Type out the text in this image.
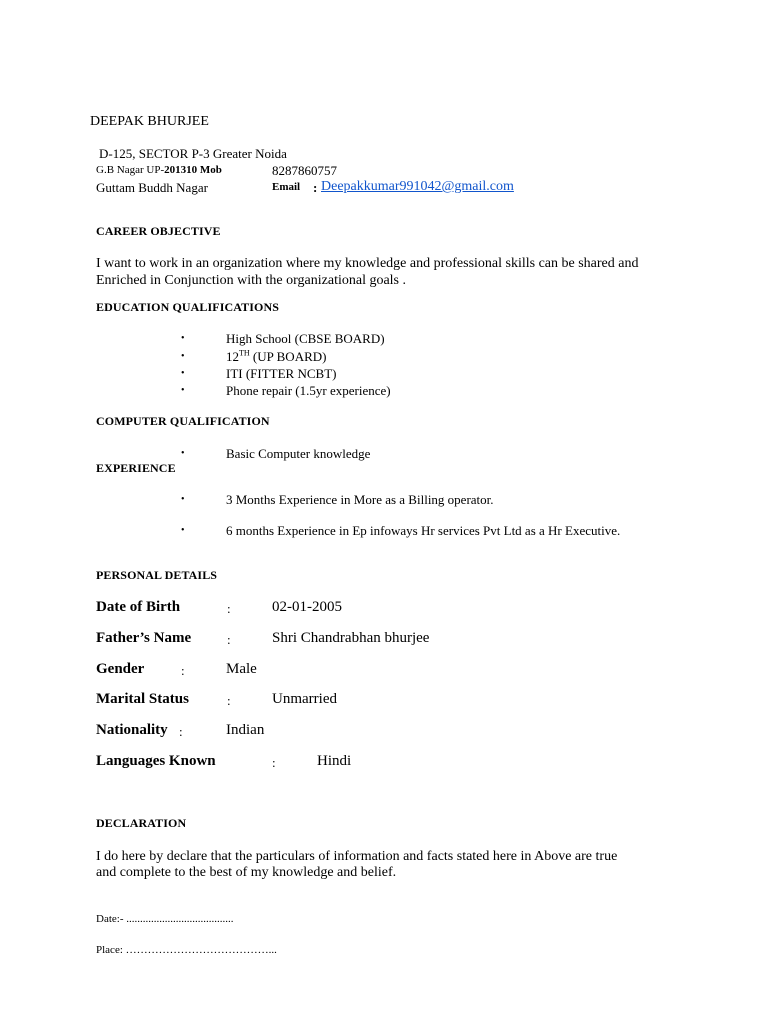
DEEPAK BHURJEE
D-125, SECTOR P-3 Greater Noida
G.B Nagar UP-201310 Mob	8287860757
Guttam Buddh Nagar	Email : Deepakkumar991042@gmail.com
CAREER OBJECTIVE
I want to work in an organization where my knowledge and professional skills can be shared and
Enriched in Conjunction with the organizational goals .
EDUCATION QUALIFICATIONS
•	High School (CBSE BOARD)
•	12TH (UP BOARD)
•	ITI (FITTER NCBT)
•	Phone repair (1.5yr experience)
COMPUTER QUALIFICATION
•	Basic Computer knowledge
EXPERIENCE
•	3 Months Experience in More as a Billing operator.
•	6 months Experience in Ep infoways Hr services Pvt Ltd as a Hr Executive.
PERSONAL DETAILS
Date of Birth	:	02-01-2005
Father’s Name	:	Shri Chandrabhan bhurjee
Gender	:	Male
Marital Status	:	Unmarried
Nationality :	Indian
Languages Known	:	Hindi
DECLARATION
I do here by declare that the particulars of information and facts stated here in Above are true
and complete to the best of my knowledge and belief.
Date:- .......................................
Place: …………………………………...
